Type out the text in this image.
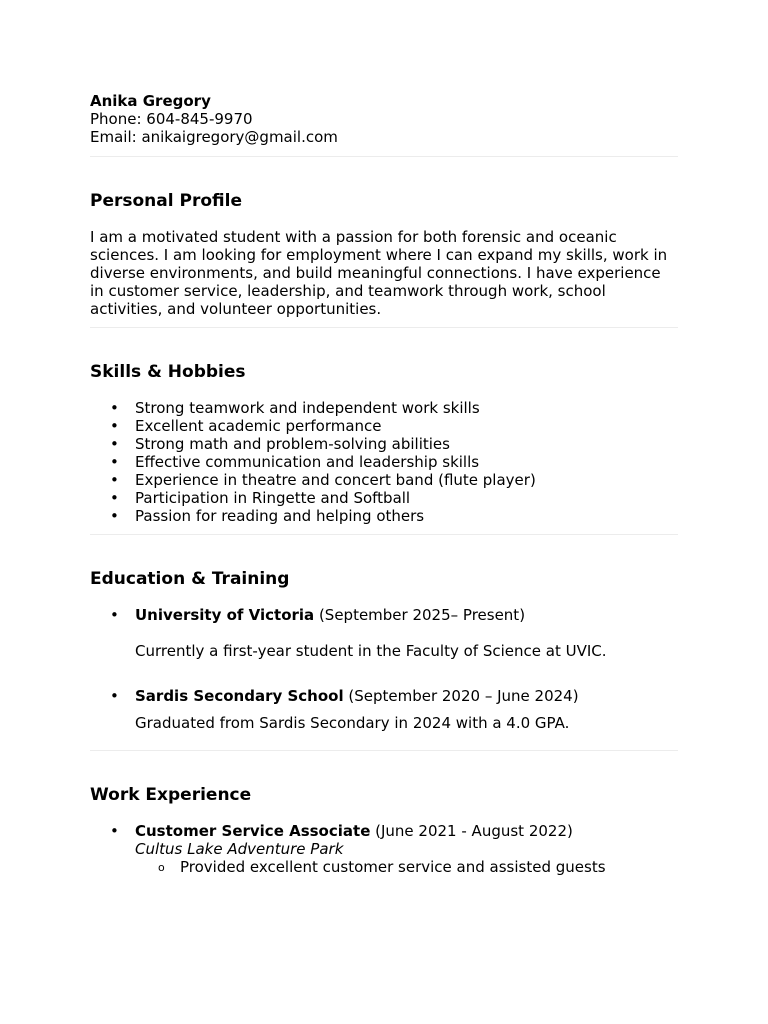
Anika Gregory
Phone: 604-845-9970
Email: anikaigregory@gmail.com
Personal Profile

I am a motivated student with a passion for both forensic and oceanic sciences. I am looking for employment where I can expand my skills, work in diverse environments, and build meaningful connections. I have experience in customer service, leadership, and teamwork through work, school activities, and volunteer opportunities.

Skills & Hobbies
• Strong teamwork and independent work skills
• Excellent academic performance
• Strong math and problem-solving abilities
• Effective communication and leadership skills
• Experience in theatre and concert band (flute player)
• Participation in Ringette and Softball
• Passion for reading and helping others
Education & Training
• University of Victoria (September 2025– Present)
Currently a first-year student in the Faculty of Science at UVIC.
• Sardis Secondary School (September 2020 – June 2024)
Graduated from Sardis Secondary in 2024 with a 4.0 GPA.
Work Experience
• Customer Service Associate (June 2021 - August 2022)
Cultus Lake Adventure Park
o Provided excellent customer service and assisted guests
